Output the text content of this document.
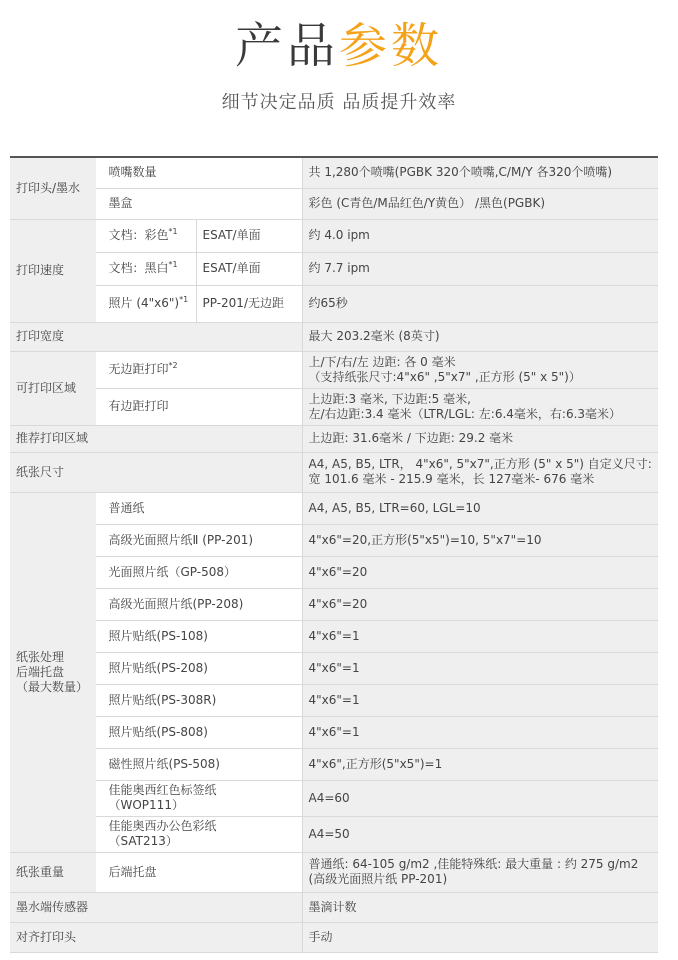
产品参数
细节决定品质 品质提升效率
打印头/墨水	喷嘴数量		共 1,280个喷嘴(PGBK 320个喷嘴,C/M/Y 各320个喷嘴)
	墨盒		彩色 (C青色/M品红色/Y黄色） /黑色(PGBK)
打印速度	文档：彩色$^{*1}$	ESAT/单面	约 4.0 ipm
	文档：黑白$^{*1}$	ESAT/单面	约 7.7 ipm
	照片 (4"x6")$^{*1}$	PP-201/无边距	约65秒
打印宽度			最大 203.2毫米 (8英寸)
可打印区域	无边距打印$^{*2}$		上/下/右/左 边距: 各 0 毫米
（支持纸张尺寸:4"x6" ,5"x7" ,正方形 (5" x 5")）

	有边距打印		上边距:3 毫米, 下边距:5 毫米,
左/右边距:3.4 毫米（LTR/LGL: 左:6.4毫米，右:6.3毫米）

推荐打印区域			上边距: 31.6毫米 / 下边距: 29.2 毫米
纸张尺寸			A4, A5, B5, LTR， 4"x6", 5"x7",正方形 (5" x 5") 自定义尺寸:
宽 101.6 毫米 - 215.9 毫米，长 127毫米- 676 毫米

纸张处理
后端托盘
（最大数量）	普通纸		A4, A5, B5, LTR=60, LGL=10
	高级光面照片纸Ⅱ (PP-201)		4"x6"=20,正方形(5"x5")=10, 5"x7"=10
	光面照片纸（GP-508）		4"x6"=20
	高级光面照片纸(PP-208)		4"x6"=20
	照片贴纸(PS-108)		4"x6"=1
	照片贴纸(PS-208)		4"x6"=1
	照片贴纸(PS-308R)		4"x6"=1
	照片贴纸(PS-808)		4"x6"=1
	磁性照片纸(PS-508)		4"x6",正方形(5"x5")=1

	佳能奥西红色标签纸
（WOP111）		A4=60

	佳能奥西办公色彩纸
（SAT213）		A4=50
纸张重量	后端托盘		普通纸: 64-105 g/m2 ,佳能特殊纸: 最大重量 : 约 275 g/m2
(高级光面照片纸 PP-201)

墨水端传感器			墨滴计数
对齐打印头			手动
